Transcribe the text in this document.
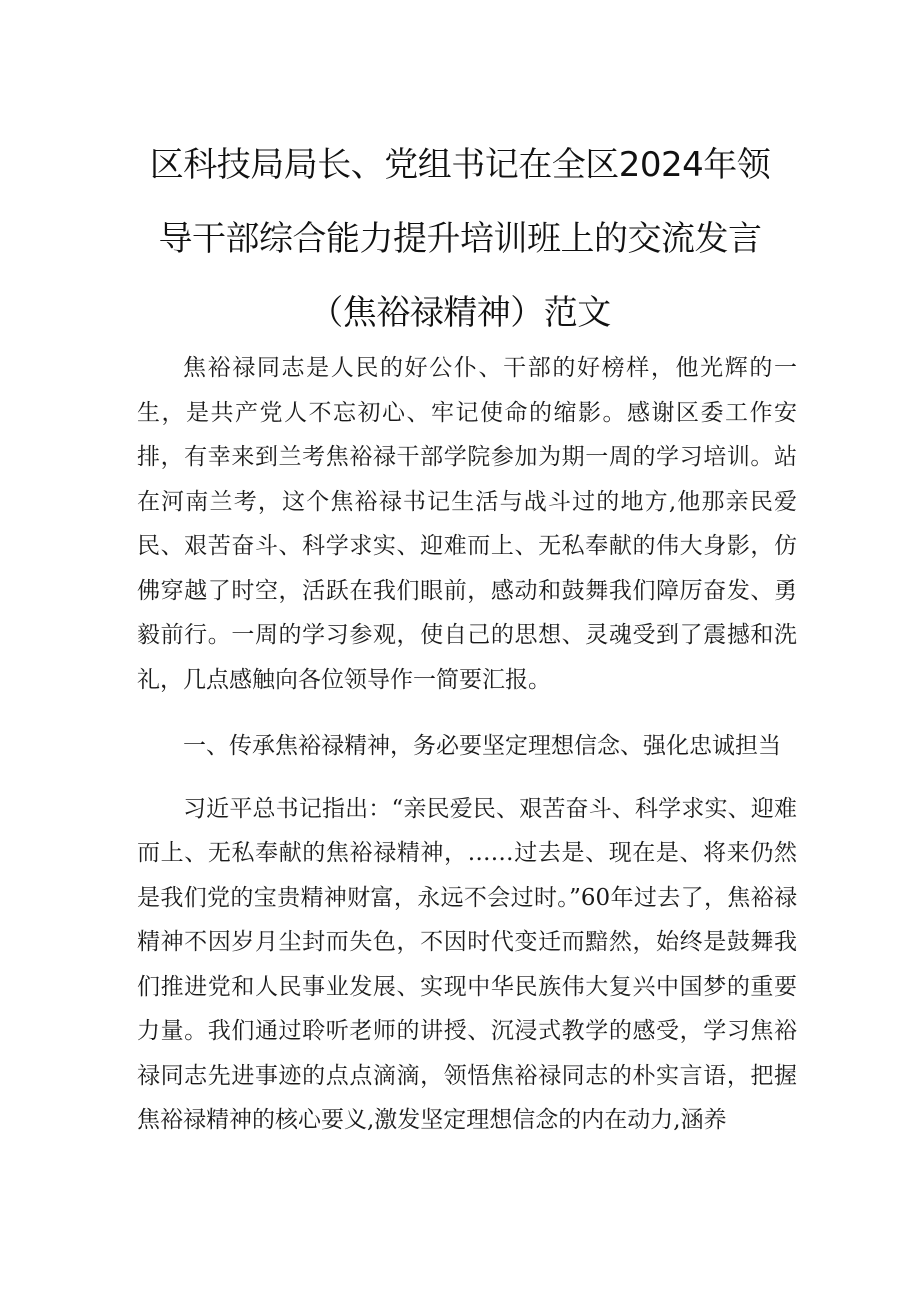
区科技局局长、党组书记在全区2024年领
导干部综合能力提升培训班上的交流发言
（焦裕禄精神）范文

焦裕禄同志是人民的好公仆、干部的好榜样，他光辉的一生，是共产党人不忘初心、牢记使命的缩影。感谢区委工作安排，有幸来到兰考焦裕禄干部学院参加为期一周的学习培训。站在河南兰考，这个焦裕禄书记生活与战斗过的地方,他那亲民爱民、艰苦奋斗、科学求实、迎难而上、无私奉献的伟大身影，仿佛穿越了时空，活跃在我们眼前，感动和鼓舞我们障厉奋发、勇毅前行。一周的学习参观，使自己的思想、灵魂受到了震撼和洗礼，几点感触向各位领导作一简要汇报。

一、传承焦裕禄精神，务必要坚定理想信念、强化忠诚担当

习近平总书记指出：“亲民爱民、艰苦奋斗、科学求实、迎难而上、无私奉献的焦裕禄精神，……过去是、现在是、将来仍然是我们党的宝贵精神财富，永远不会过时。”60年过去了，焦裕禄精神不因岁月尘封而失色，不因时代变迁而黯然，始终是鼓舞我们推进党和人民事业发展、实现中华民族伟大复兴中国梦的重要力量。我们通过聆听老师的讲授、沉浸式教学的感受，学习焦裕禄同志先进事迹的点点滴滴，领悟焦裕禄同志的朴实言语，把握焦裕禄精神的核心要义,激发坚定理想信念的内在动力,涵养
